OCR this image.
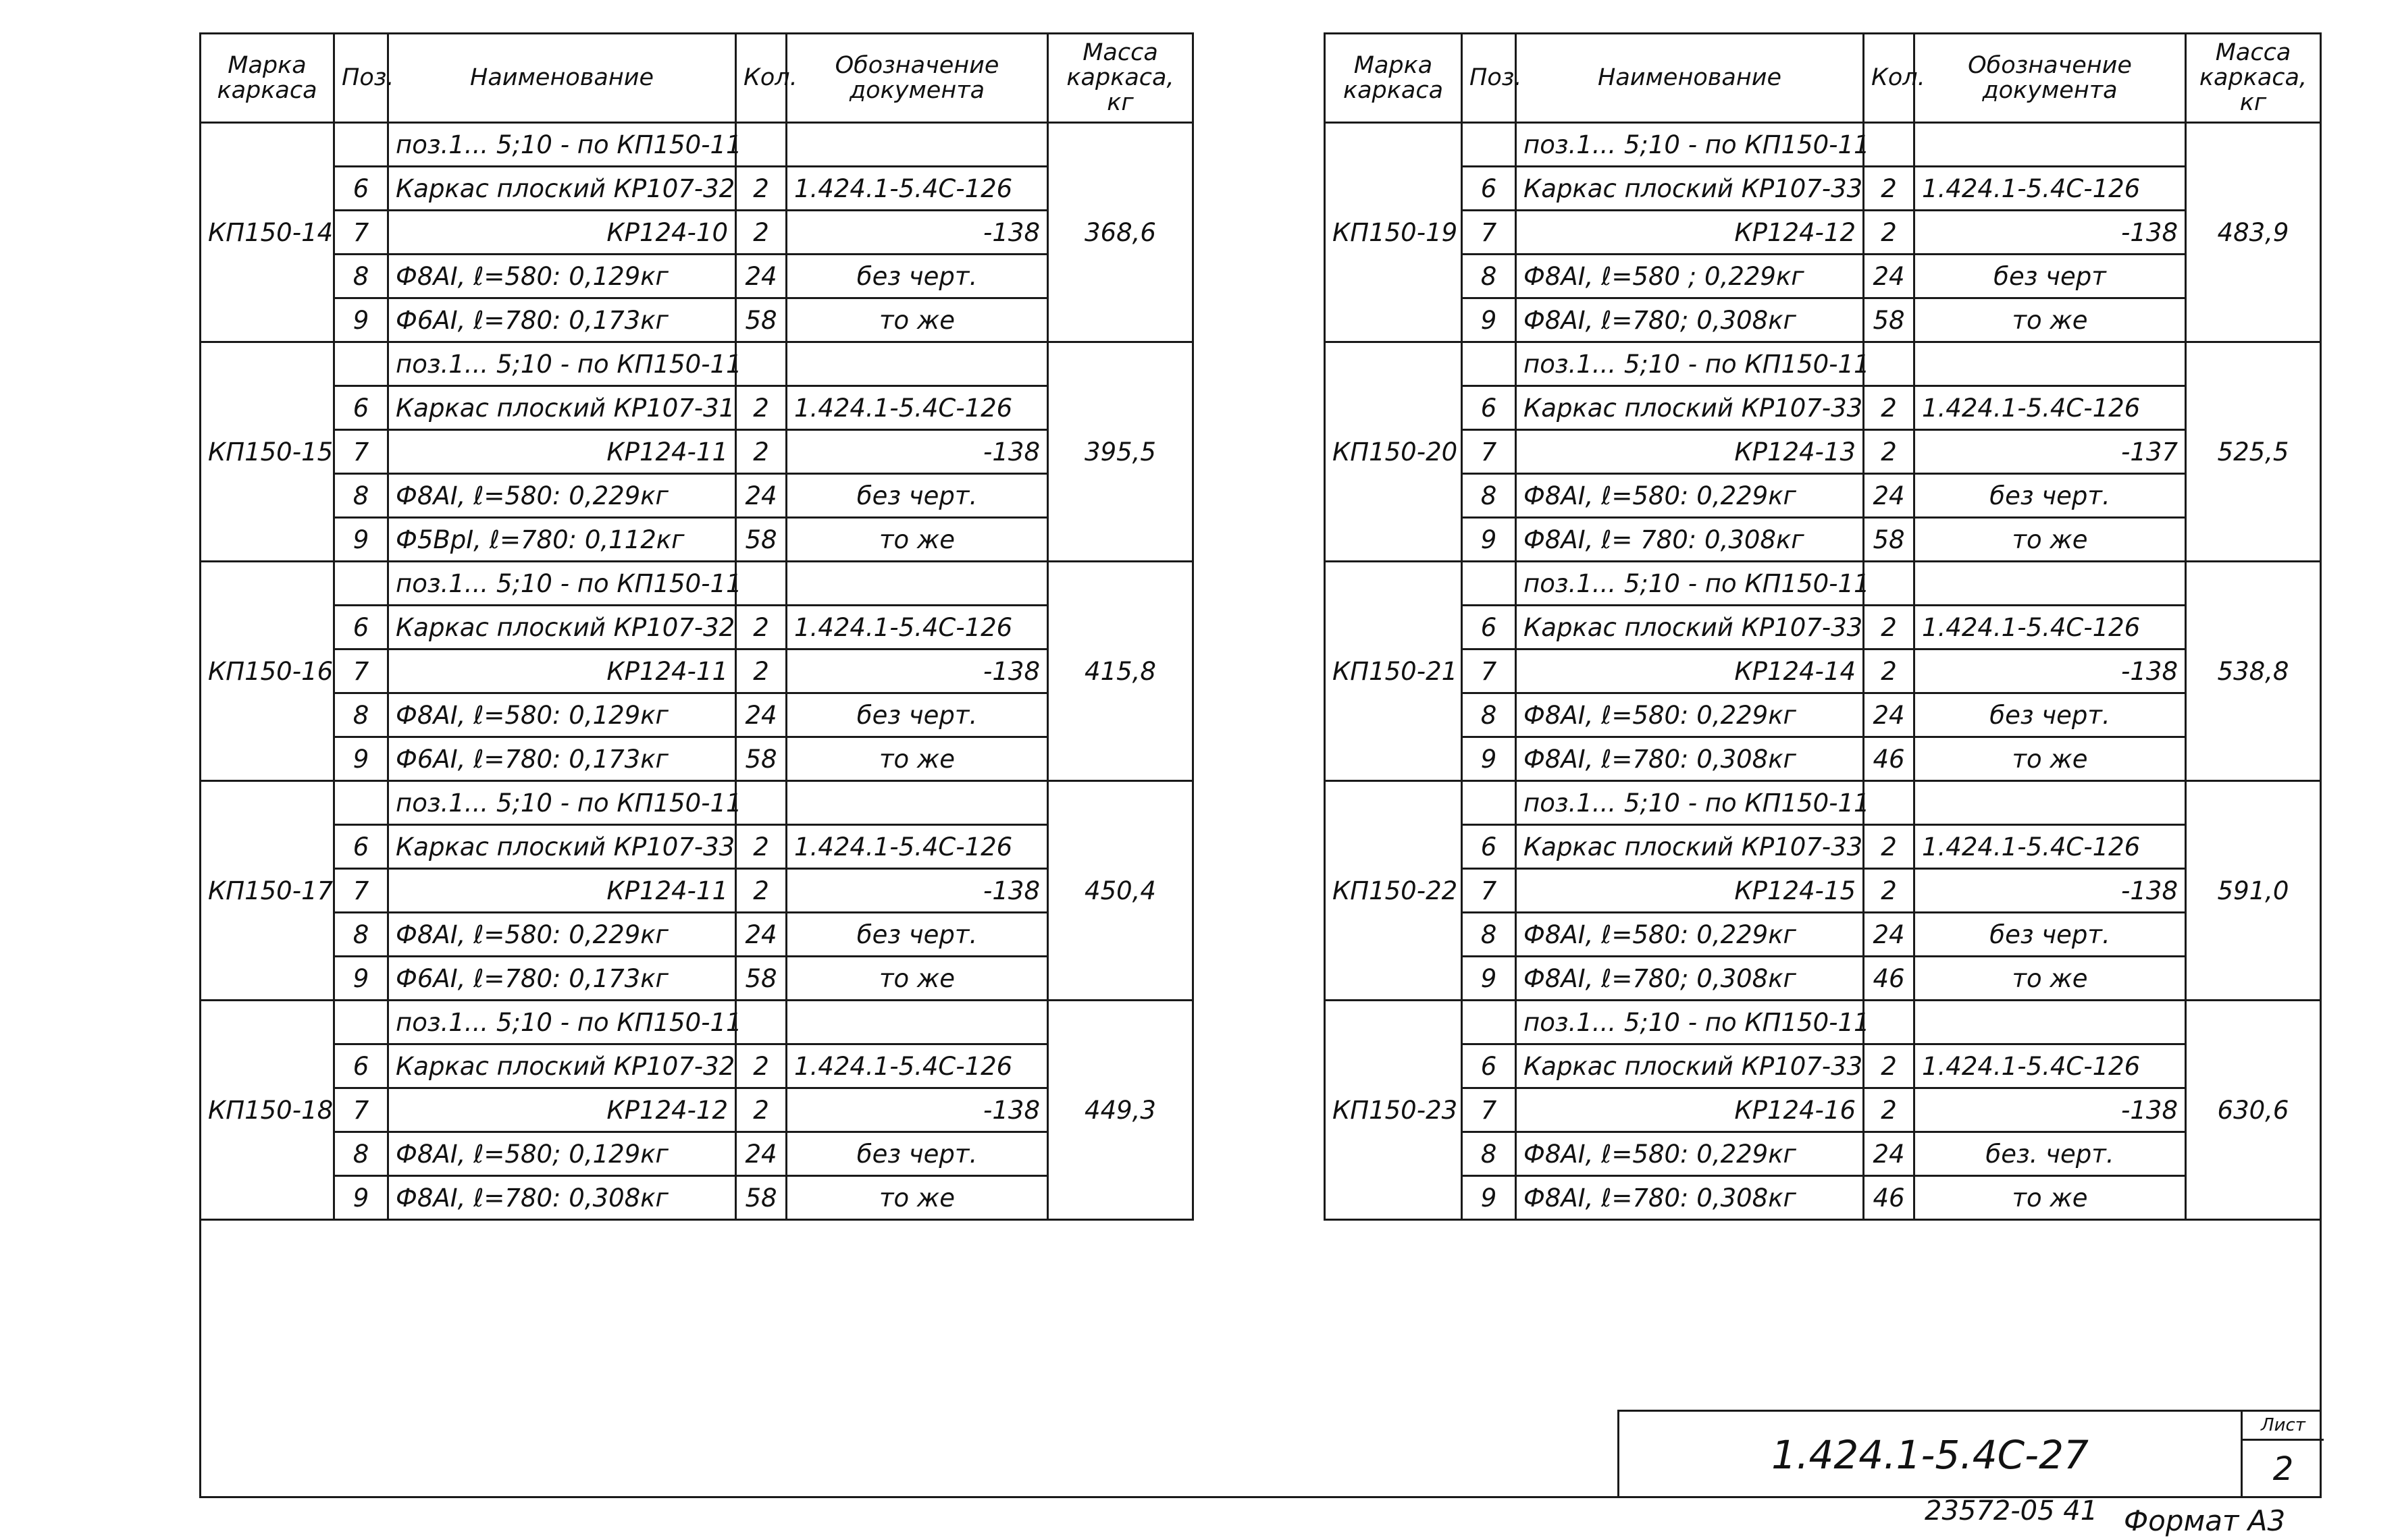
Марка каркаса	Поз.	Наименование	Кол.	Обозначение документа	Масса каркаса, кг
КП150-14		поз.1... 5;10 - по КП150-11			368,6
	6	Каркас плоский КР107-32	2	1.424.1-5.4С-126	
	7	КР124-10	2	-138	
	8	Ф8АI, ℓ=580: 0,129кг	24	без черт.	
	9	Ф6АI, ℓ=780: 0,173кг	58	то же	
КП150-15		поз.1... 5;10 - по КП150-11			395,5
	6	Каркас плоский КР107-31	2	1.424.1-5.4С-126	
	7	КР124-11	2	-138	
	8	Ф8АI, ℓ=580: 0,229кг	24	без черт.	
	9	Ф5ВрI, ℓ=780: 0,112кг	58	то же	
КП150-16		поз.1... 5;10 - по КП150-11			415,8
	6	Каркас плоский КР107-32	2	1.424.1-5.4С-126	
	7	КР124-11	2	-138	
	8	Ф8АI, ℓ=580: 0,129кг	24	без черт.	
	9	Ф6АI, ℓ=780: 0,173кг	58	то же	
КП150-17		поз.1... 5;10 - по КП150-11			450,4
	6	Каркас плоский КР107-33	2	1.424.1-5.4С-126	
	7	КР124-11	2	-138	
	8	Ф8АI, ℓ=580: 0,229кг	24	без черт.	
	9	Ф6АI, ℓ=780: 0,173кг	58	то же	
КП150-18		поз.1... 5;10 - по КП150-11			449,3
	6	Каркас плоский КР107-32	2	1.424.1-5.4С-126	
	7	КР124-12	2	-138	
	8	Ф8АI, ℓ=580; 0,129кг	24	без черт.	
	9	Ф8АI, ℓ=780: 0,308кг	58	то же	
Марка каркаса	Поз.	Наименование	Кол.	Обозначение документа	Масса каркаса, кг
КП150-19		поз.1... 5;10 - по КП150-11			483,9
	6	Каркас плоский КР107-33	2	1.424.1-5.4С-126	
	7	КР124-12	2	-138	
	8	Ф8АI, ℓ=580 ; 0,229кг	24	без черт	
	9	Ф8АI, ℓ=780; 0,308кг	58	то же	
КП150-20		поз.1... 5;10 - по КП150-11			525,5
	6	Каркас плоский КР107-33	2	1.424.1-5.4С-126	
	7	КР124-13	2	-137	
	8	Ф8АI, ℓ=580: 0,229кг	24	без черт.	
	9	Ф8АI, ℓ= 780: 0,308кг	58	то же	
КП150-21		поз.1... 5;10 - по КП150-11			538,8
	6	Каркас плоский КР107-33	2	1.424.1-5.4С-126	
	7	КР124-14	2	-138	
	8	Ф8АI, ℓ=580: 0,229кг	24	без черт.	
	9	Ф8АI, ℓ=780: 0,308кг	46	то же	
КП150-22		поз.1... 5;10 - по КП150-11			591,0
	6	Каркас плоский КР107-33	2	1.424.1-5.4С-126	
	7	КР124-15	2	-138	
	8	Ф8АI, ℓ=580: 0,229кг	24	без черт.	
	9	Ф8АI, ℓ=780; 0,308кг	46	то же	
КП150-23		поз.1... 5;10 - по КП150-11			630,6
	6	Каркас плоский КР107-33	2	1.424.1-5.4С-126	
	7	КР124-16	2	-138	
	8	Ф8АI, ℓ=580: 0,229кг	24	без. черт.	
	9	Ф8АI, ℓ=780: 0,308кг	46	то же	
1.424.1-5.4С-27
Лист
2
23572-05 41 Формат А3
